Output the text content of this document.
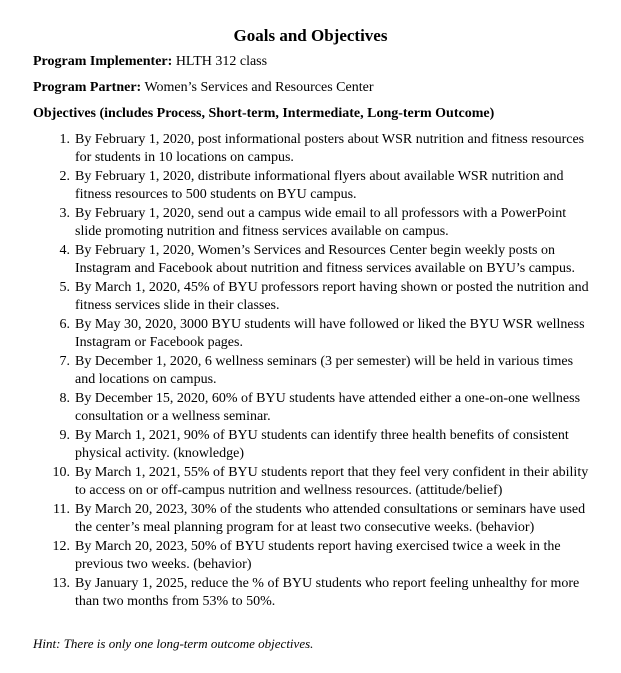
Goals and Objectives
Program Implementer: HLTH 312 class
Program Partner: Women’s Services and Resources Center
Objectives (includes Process, Short-term, Intermediate, Long-term Outcome)
1. By February 1, 2020, post informational posters about WSR nutrition and fitness resources for students in 10 locations on campus.
2. By February 1, 2020, distribute informational flyers about available WSR nutrition and fitness resources to 500 students on BYU campus.
3. By February 1, 2020, send out a campus wide email to all professors with a PowerPoint slide promoting nutrition and fitness services available on campus.
4. By February 1, 2020, Women’s Services and Resources Center begin weekly posts on Instagram and Facebook about nutrition and fitness services available on BYU’s campus.
5. By March 1, 2020, 45% of BYU professors report having shown or posted the nutrition and fitness services slide in their classes.
6. By May 30, 2020, 3000 BYU students will have followed or liked the BYU WSR wellness Instagram or Facebook pages.
7. By December 1, 2020, 6 wellness seminars (3 per semester) will be held in various times and locations on campus.
8. By December 15, 2020, 60% of BYU students have attended either a one-on-one wellness consultation or a wellness seminar.
9. By March 1, 2021, 90% of BYU students can identify three health benefits of consistent physical activity. (knowledge)
10. By March 1, 2021, 55% of BYU students report that they feel very confident in their ability to access on or off-campus nutrition and wellness resources. (attitude/belief)
11. By March 20, 2023, 30% of the students who attended consultations or seminars have used the center’s meal planning program for at least two consecutive weeks. (behavior)
12. By March 20, 2023, 50% of BYU students report having exercised twice a week in the previous two weeks. (behavior)
13. By January 1, 2025, reduce the % of BYU students who report feeling unhealthy for more than two months from 53% to 50%.
Hint: There is only one long-term outcome objectives.
